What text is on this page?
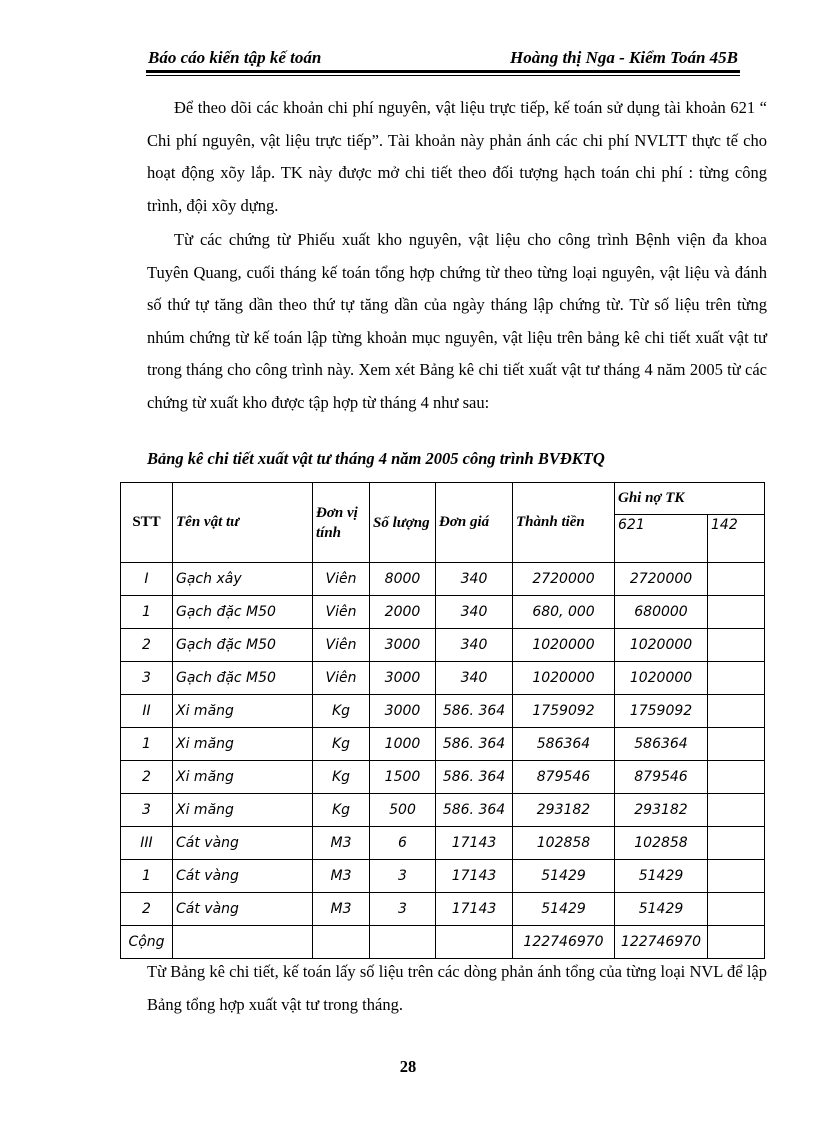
Báo cáo kiến tập kế toán	Hoàng thị Nga - Kiểm Toán 45B

Để theo dõi các khoản chi phí nguyên, vật liệu trực tiếp, kế toán sử dụng tài khoản 621 “ Chi phí nguyên, vật liệu trực tiếp”. Tài khoản này phản ánh các chi phí NVLTT thực tế cho hoạt động xõy lắp. TK này được mở chi tiết theo đối tượng hạch toán chi phí : từng công trình, đội xõy dựng.

Từ các chứng từ Phiếu xuất kho nguyên, vật liệu cho công trình Bệnh viện đa khoa Tuyên Quang, cuối tháng kế toán tổng hợp chứng từ theo từng loại nguyên, vật liệu và đánh số thứ tự tăng dần theo thứ tự tăng dần của ngày tháng lập chứng từ. Từ số liệu trên từng nhúm chứng từ kế toán lập từng khoản mục nguyên, vật liệu trên bảng kê chi tiết xuất vật tư trong tháng cho công trình này. Xem xét Bảng kê chi tiết xuất vật tư tháng 4 năm 2005 từ các chứng từ xuất kho được tập hợp từ tháng 4 như sau:

Bảng kê chi tiết xuất vật tư tháng 4 năm 2005 công trình BVĐKTQ
STT	Tên vật tư	Đơn vị tính	Số lượng	Đơn giá	Thành tiền	Ghi nợ TK	
						621	142
I	Gạch xây	Viên	8000	340	2720000	2720000	
1	Gạch đặc M50	Viên	2000	340	680, 000	680000	
2	Gạch đặc M50	Viên	3000	340	1020000	1020000	
3	Gạch đặc M50	Viên	3000	340	1020000	1020000	
II	Xi măng	Kg	3000	586. 364	1759092	1759092	
1	Xi măng	Kg	1000	586. 364	586364	586364	
2	Xi măng	Kg	1500	586. 364	879546	879546	
3	Xi măng	Kg	500	586. 364	293182	293182	
III	Cát vàng	M3	6	17143	102858	102858	
1	Cát vàng	M3	3	17143	51429	51429	
2	Cát vàng	M3	3	17143	51429	51429	
Cộng					122746970	122746970	

Từ Bảng kê chi tiết, kế toán lấy số liệu trên các dòng phản ánh tổng của từng loại NVL để lập Bảng tổng hợp xuất vật tư trong tháng.

28
